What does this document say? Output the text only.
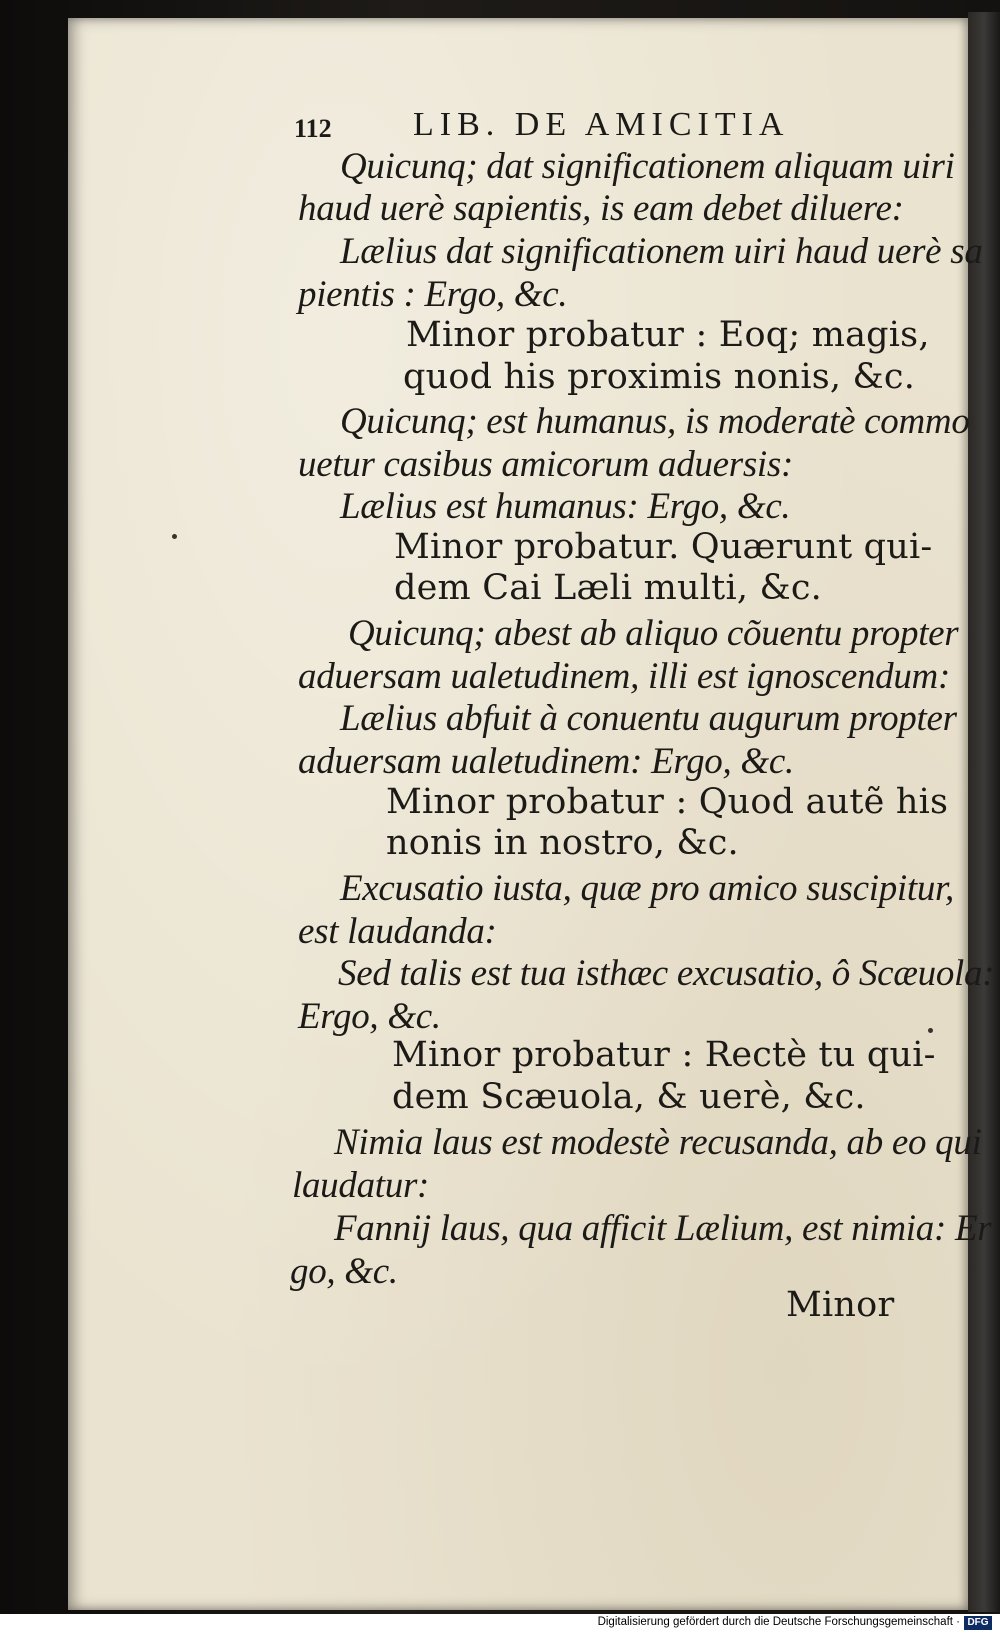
112 LIB. DE AMICITIA
Quicunq; dat significationem aliquam uiri
haud uerè sapientis, is eam debet diluere:
Lælius dat significationem uiri haud uerè sa
pientis : Ergo, &c.
Minor probatur : Eoq; magis,
quod his proximis nonis, &c.
Quicunq; est humanus, is moderatè commo
uetur casibus amicorum aduersis:
Lælius est humanus: Ergo, &c.
Minor probatur. Quærunt qui-
dem Cai Læli multi, &c.
Quicunq; abest ab aliquo cõuentu propter
aduersam ualetudinem, illi est ignoscendum:
Lælius abfuit à conuentu augurum propter
aduersam ualetudinem: Ergo, &c.
Minor probatur : Quod autẽ his
nonis in nostro, &c.
Excusatio iusta, quæ pro amico suscipitur,
est laudanda:
Sed talis est tua isthæc excusatio, ô Scæuola:
Ergo, &c.
Minor probatur : Rectè tu qui-
dem Scæuola, & uerè, &c.
Nimia laus est modestè recusanda, ab eo qui
laudatur:
Fannij laus, qua afficit Lælium, est nimia: Er
go, &c.
Minor
Digitalisierung gefördert durch die Deutsche Forschungsgemeinschaft · DFG
